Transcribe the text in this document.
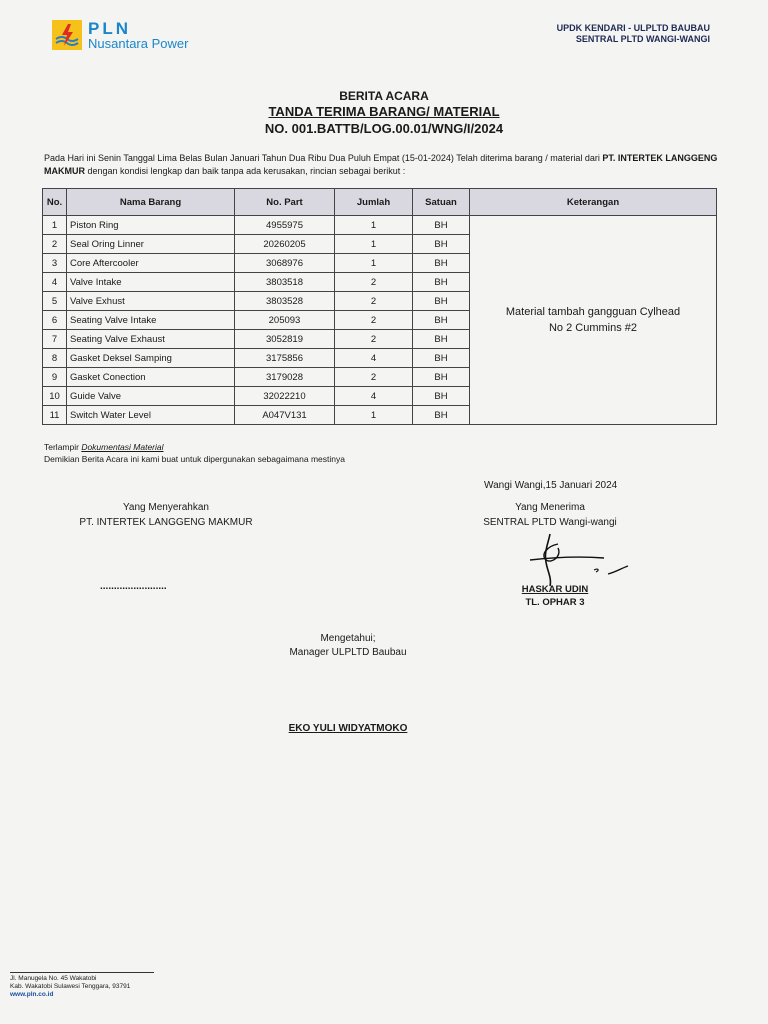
PLN
Nusantara Power
UPDK KENDARI - ULPLTD BAUBAU
SENTRAL PLTD WANGI-WANGI
BERITA ACARA
TANDA TERIMA BARANG/ MATERIAL
NO. 001.BATTB/LOG.00.01/WNG/I/2024
Pada Hari ini Senin Tanggal Lima Belas Bulan Januari Tahun Dua Ribu Dua Puluh Empat (15-01-2024) Telah diterima barang / material dari PT. INTERTEK LANGGENG MAKMUR dengan kondisi lengkap dan baik tanpa ada kerusakan, rincian sebagai berikut :
No.	Nama Barang	No. Part	Jumlah	Satuan	Keterangan
1	Piston Ring	4955975	1	BH	Material tambah gangguan Cylhead No 2 Cummins #2
2	Seal Oring Linner	20260205	1	BH	
3	Core Aftercooler	3068976	1	BH	
4	Valve Intake	3803518	2	BH	
5	Valve Exhust	3803528	2	BH	
6	Seating Valve Intake	205093	2	BH	
7	Seating Valve Exhaust	3052819	2	BH	
8	Gasket Deksel Samping	3175856	4	BH	
9	Gasket Conection	3179028	2	BH	
10	Guide Valve	32022210	4	BH	
11	Switch Water Level	A047V131	1	BH	
Terlampir Dokumentasi Material
Demikian Berita Acara ini kami buat untuk dipergunakan sebagaimana mestinya
Wangi Wangi,15 Januari 2024
Yang Menyerahkan
PT. INTERTEK LANGGENG MAKMUR
........................
Yang Menerima
SENTRAL PLTD Wangi-wangi
HASKAR UDIN
TL. OPHAR 3
Mengetahui;
Manager ULPLTD Baubau
EKO YULI WIDYATMOKO
Jl. Manugela No. 45 Wakatobi
Kab. Wakatobi Sulawesi Tenggara, 93791
www.pln.co.id
